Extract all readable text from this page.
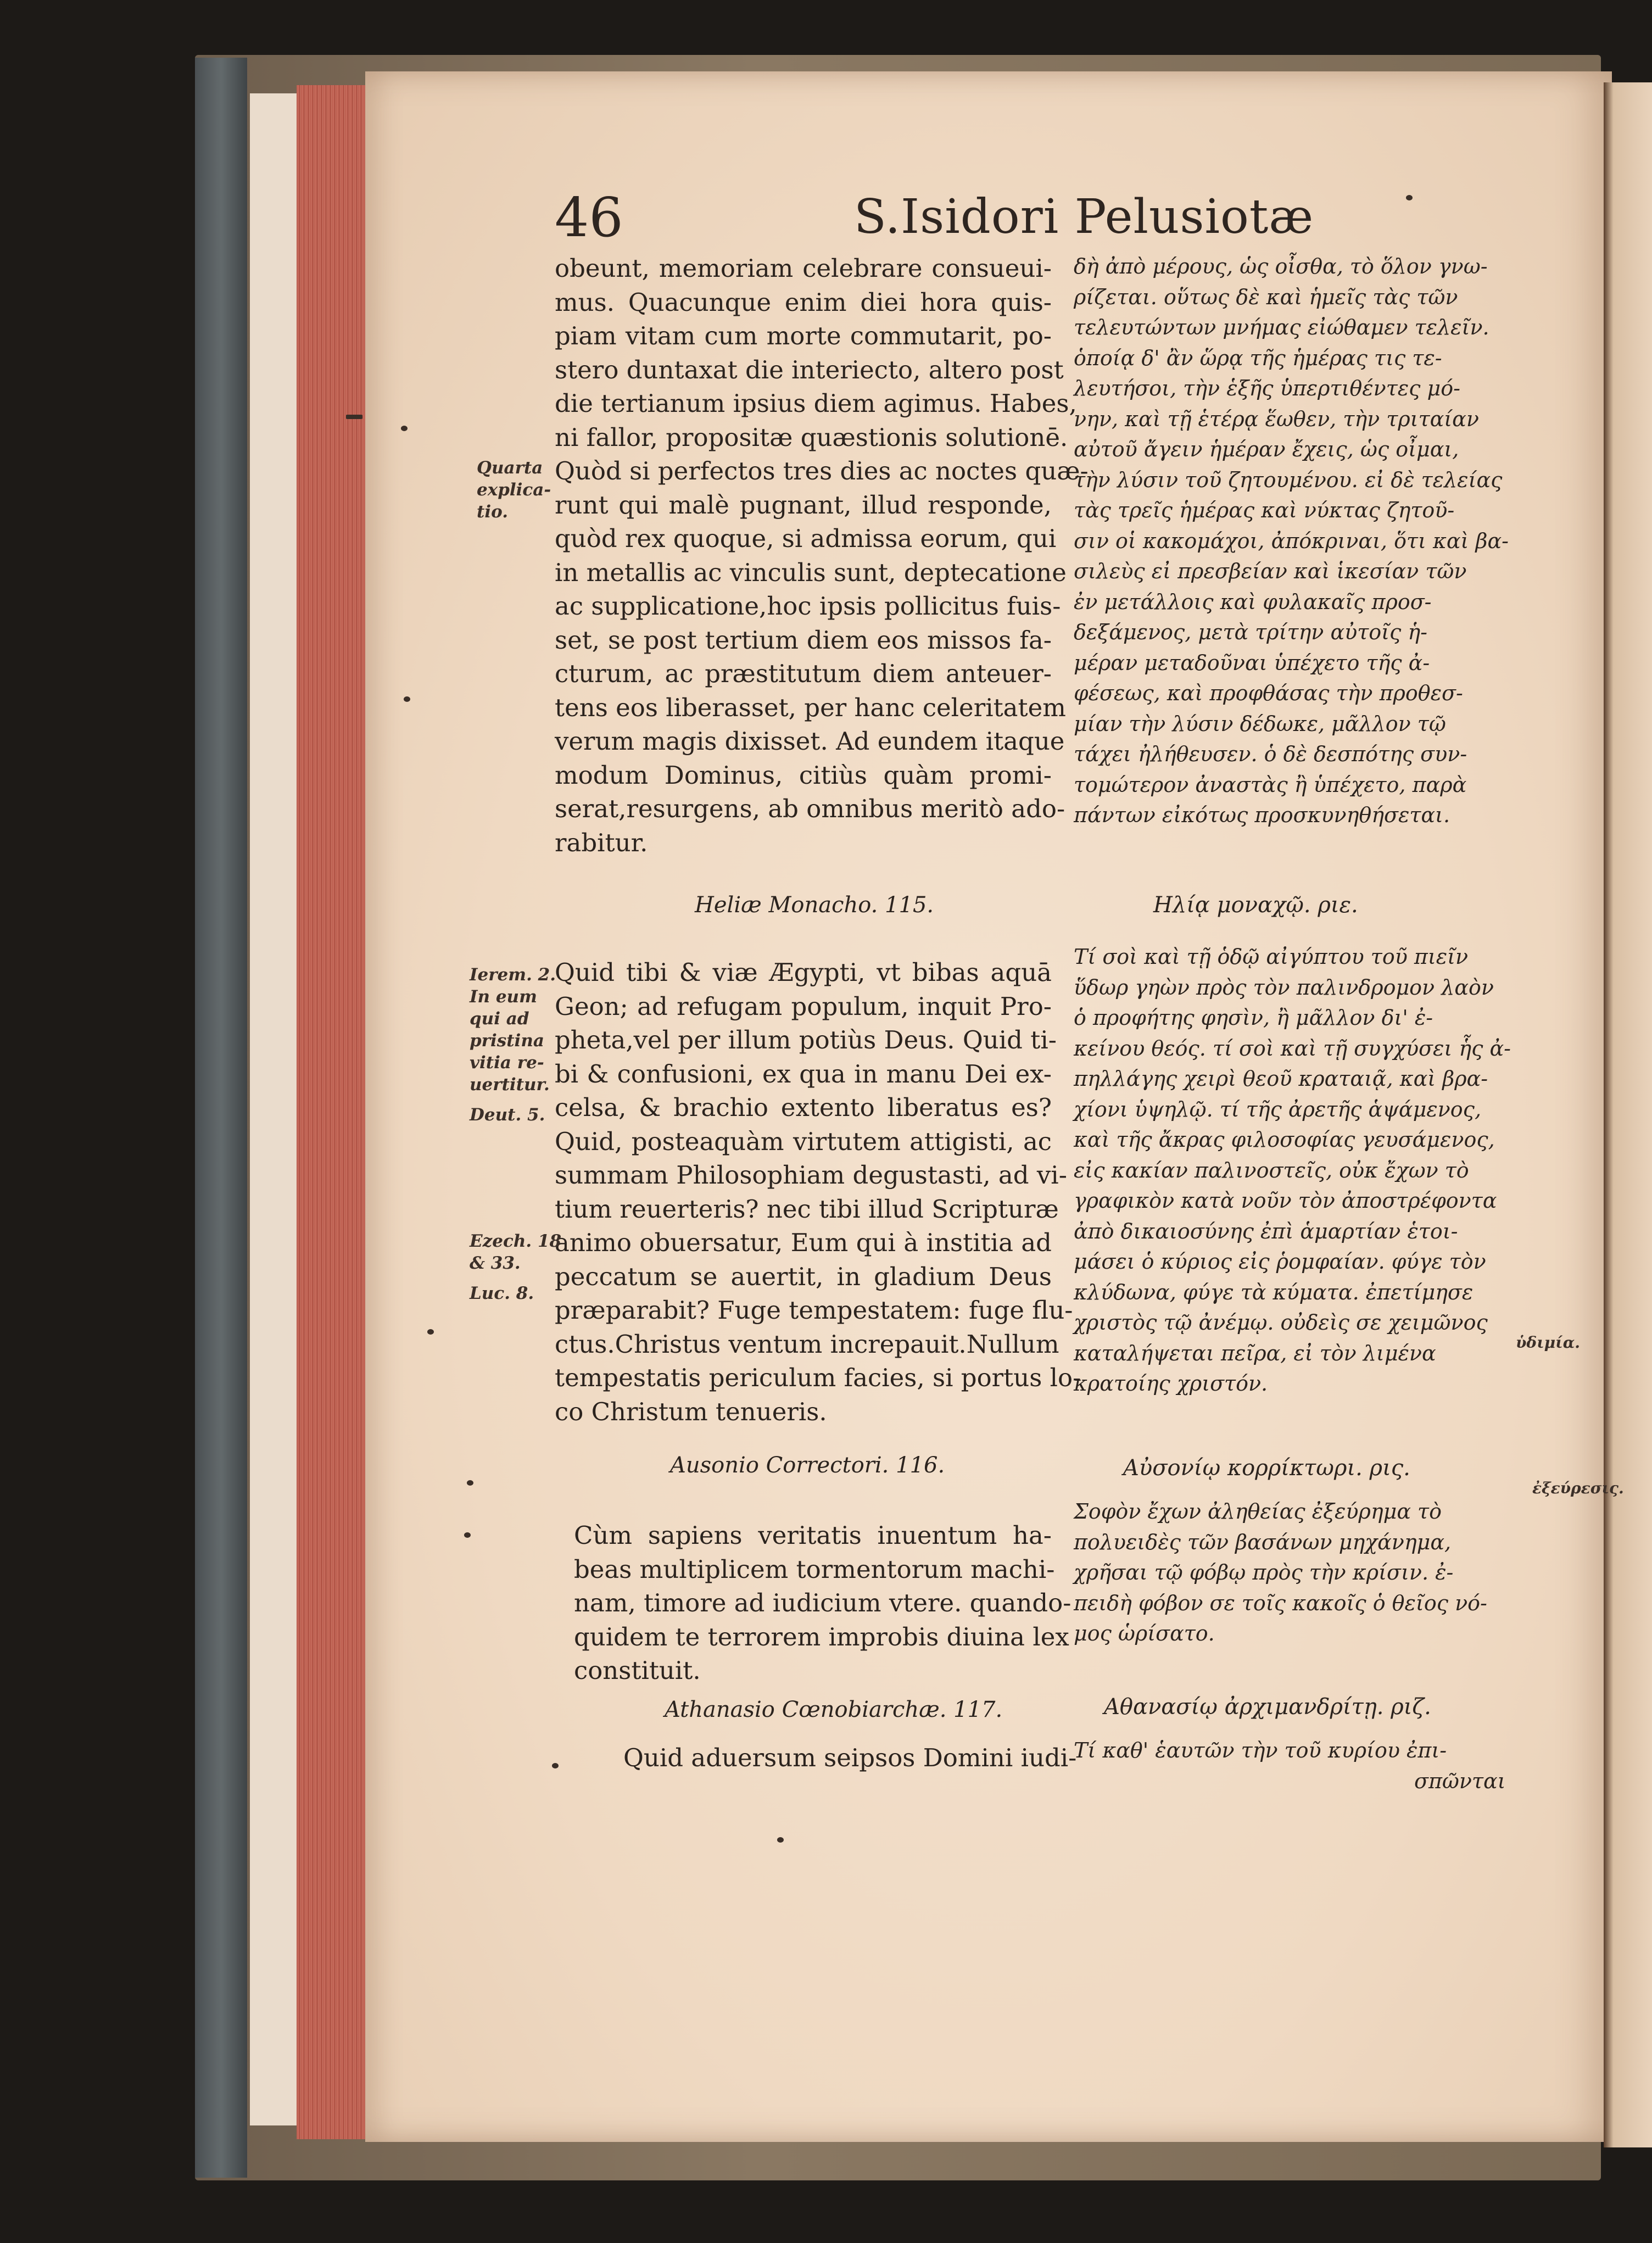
46	S.Isidori Pelusiotæ
obeunt, memoriam celebrare consueui-
mus. Quacunque enim diei hora quis-
piam vitam cum morte commutarit, po-
stero duntaxat die interiecto, altero post
die tertianum ipsius diem agimus. Habes,
ni fallor, propositæ quæstionis solutionē.
Quòd si perfectos tres dies ac noctes quæ-
runt qui malè pugnant, illud responde,
quòd rex quoque, si admissa eorum, qui
in metallis ac vinculis sunt, deptecatione
ac supplicatione,hoc ipsis pollicitus fuis-
set, se post tertium diem eos missos fa-
cturum, ac præstitutum diem anteuer-
tens eos liberasset, per hanc celeritatem
verum magis dixisset. Ad eundem itaque
modum Dominus, citiùs quàm promi-
serat,resurgens, ab omnibus meritò ado-
rabitur.
Heliæ Monacho. 115.
Quid tibi & viæ Ægypti, vt bibas aquā
Geon; ad refugam populum, inquit Pro-
pheta,vel per illum potiùs Deus. Quid ti-
bi & confusioni, ex qua in manu Dei ex-
celsa, & brachio extento liberatus es?
Quid, posteaquàm virtutem attigisti, ac
summam Philosophiam degustasti, ad vi-
tium reuerteris? nec tibi illud Scripturæ
animo obuersatur, Eum qui à institia ad
peccatum se auertit, in gladium Deus
præparabit? Fuge tempestatem: fuge flu-
ctus.Christus ventum increpauit.Nullum
tempestatis periculum facies, si portus lo-
co Christum tenueris.
Ausonio Correctori. 116.
Cùm sapiens veritatis inuentum ha-
beas multiplicem tormentorum machi-
nam, timore ad iudicium vtere. quando-
quidem te terrorem improbis diuina lex
constituit.
Athanasio Cœnobiarchæ. 117.
Quid aduersum seipsos Domini iudi-
δὴ ἀπὸ μέρους, ὡς οἶσθα, τὸ ὅλον γνω-
ρίζεται. οὕτως δὲ καὶ ἡμεῖς τὰς τῶν
τελευτώντων μνήμας εἰώθαμεν τελεῖν.
ὁποίᾳ δ' ἂν ὥρᾳ τῆς ἡμέρας τις τε-
λευτήσοι, τὴν ἑξῆς ὑπερτιθέντες μό-
νην, καὶ τῇ ἑτέρᾳ ἕωθεν, τὴν τριταίαν
αὐτοῦ ἄγειν ἡμέραν ἔχεις, ὡς οἶμαι,
τὴν λύσιν τοῦ ζητουμένου. εἰ δὲ τελείας
τὰς τρεῖς ἡμέρας καὶ νύκτας ζητοῦ-
σιν οἱ κακομάχοι, ἀπόκριναι, ὅτι καὶ βα-
σιλεὺς εἰ πρεσβείαν καὶ ἱκεσίαν τῶν
ἐν μετάλλοις καὶ φυλακαῖς προσ-
δεξάμενος, μετὰ τρίτην αὐτοῖς ἡ-
μέραν μεταδοῦναι ὑπέχετο τῆς ἀ-
φέσεως, καὶ προφθάσας τὴν προθεσ-
μίαν τὴν λύσιν δέδωκε, μᾶλλον τῷ
τάχει ἠλήθευσεν. ὁ δὲ δεσπότης συν-
τομώτερον ἀναστὰς ἢ ὑπέχετο, παρὰ
πάντων εἰκότως προσκυνηθήσεται.
Ηλίᾳ μοναχῷ. ριε.
Τί σοὶ καὶ τῇ ὁδῷ αἰγύπτου τοῦ πιεῖν
ὕδωρ γηὼν πρὸς τὸν παλινδρομον λαὸν
ὁ προφήτης φησὶν, ἢ μᾶλλον δι' ἐ-
κείνου θεός. τί σοὶ καὶ τῇ συγχύσει ἧς ἀ-
πηλλάγης χειρὶ θεοῦ κραταιᾷ, καὶ βρα-
χίονι ὑψηλῷ. τί τῆς ἀρετῆς ἁψάμενος,
καὶ τῆς ἄκρας φιλοσοφίας γευσάμενος,
εἰς κακίαν παλινοστεῖς, οὐκ ἔχων τὸ
γραφικὸν κατὰ νοῦν τὸν ἀποστρέφοντα
ἀπὸ δικαιοσύνης ἐπὶ ἁμαρτίαν ἑτοι-
μάσει ὁ κύριος εἰς ῥομφαίαν. φύγε τὸν
κλύδωνα, φύγε τὰ κύματα. ἐπετίμησε
χριστὸς τῷ ἀνέμῳ. οὐδεὶς σε χειμῶνος
καταλήψεται πεῖρα, εἰ τὸν λιμένα
κρατοίης χριστόν.
Αὐσονίῳ κορρίκτωρι. ρις.
Σοφὸν ἔχων ἀληθείας ἐξεύρημα τὸ
πολυειδὲς τῶν βασάνων μηχάνημα,
χρῆσαι τῷ φόβῳ πρὸς τὴν κρίσιν. ἐ-
πειδὴ φόβον σε τοῖς κακοῖς ὁ θεῖος νό-
μος ὡρίσατο.
Αθανασίῳ ἀρχιμανδρίτῃ. ριζ.
Τί καθ' ἑαυτῶν τὴν τοῦ κυρίου ἐπι-
σπῶνται
Quarta
explica-
tio.
Ierem. 2.
In eum
qui ad
pristina
vitia re-
uertitur.
Deut. 5.
Ezech. 18
& 33.
Luc. 8.
ὑδιμία.
ἐξεύρεσις.
